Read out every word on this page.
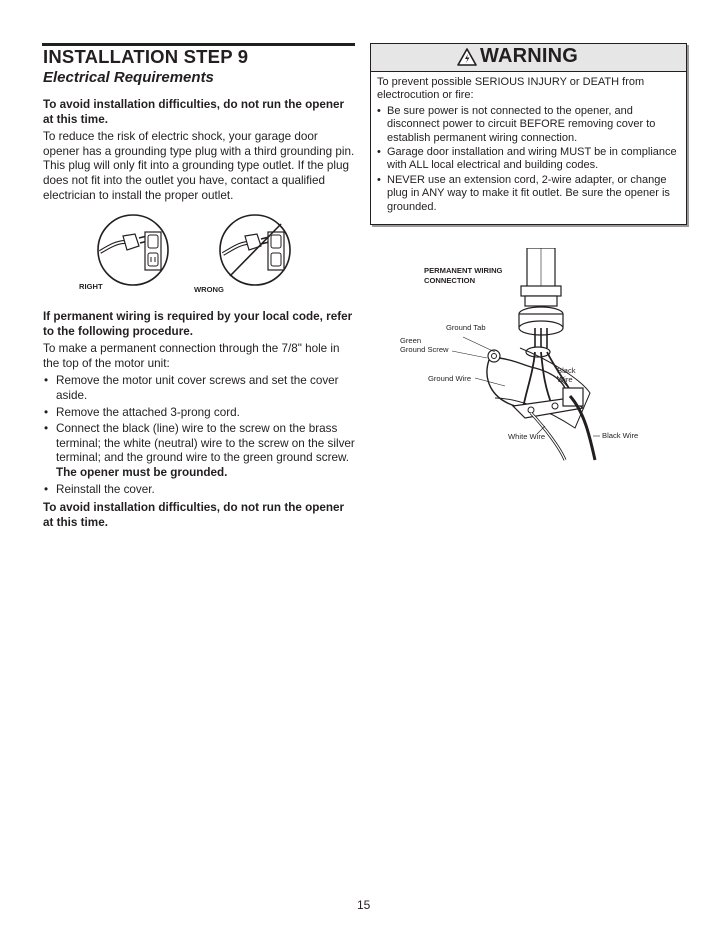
INSTALLATION STEP 9
Electrical Requirements

To avoid installation difficulties, do not run the opener at this time.

To reduce the risk of electric shock, your garage door opener has a grounding type plug with a third grounding pin. This plug will only fit into a grounding type outlet. If the plug does not fit into the outlet you have, contact a qualified electrician to install the proper outlet.

RIGHT	WRONG

If permanent wiring is required by your local code, refer to the following procedure.

To make a permanent connection through the 7/8" hole in the top of the motor unit:

• Remove the motor unit cover screws and set the cover aside.
• Remove the attached 3-prong cord.
• Connect the black (line) wire to the screw on the brass terminal; the white (neutral) wire to the screw on the silver terminal; and the ground wire to the green ground screw. The opener must be grounded.
• Reinstall the cover.

To avoid installation difficulties, do not run the opener at this time.

WARNING

To prevent possible SERIOUS INJURY or DEATH from electrocution or fire:

• Be sure power is not connected to the opener, and disconnect power to circuit BEFORE removing cover to establish permanent wiring connection.
• Garage door installation and wiring MUST be in compliance with ALL local electrical and building codes.
• NEVER use an extension cord, 2-wire adapter, or change plug in ANY way to make it fit outlet. Be sure the opener is grounded.
PERMANENT WIRING
CONNECTION
Ground Tab
Green
Ground Screw
Ground Wire
Black
Wire
White Wire	Black Wire
15
